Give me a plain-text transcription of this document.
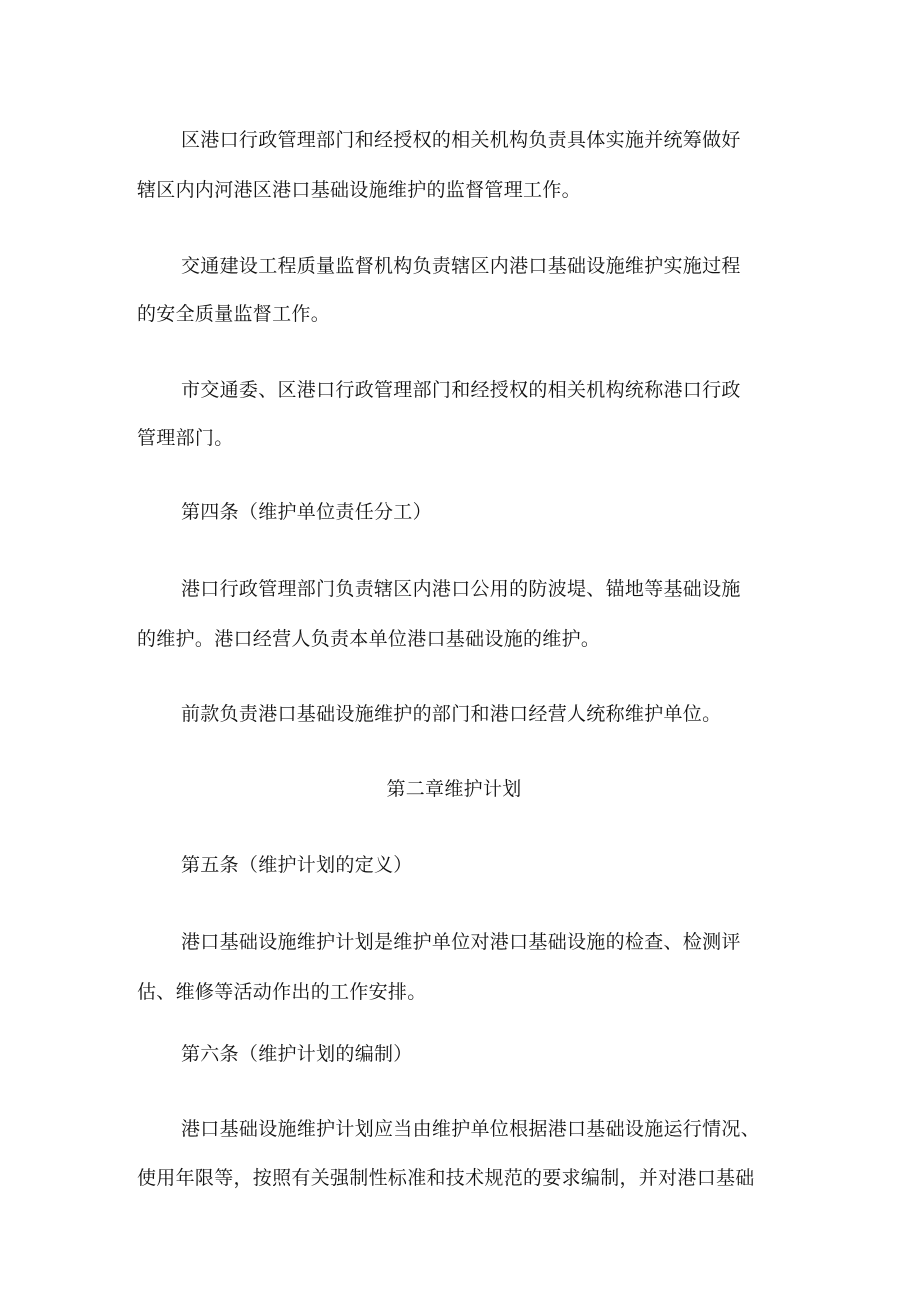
区港口行政管理部门和经授权的相关机构负责具体实施并统筹做好
辖区内内河港区港口基础设施维护的监督管理工作。
交通建设工程质量监督机构负责辖区内港口基础设施维护实施过程
的安全质量监督工作。
市交通委、区港口行政管理部门和经授权的相关机构统称港口行政
管理部门。
第四条（维护单位责任分工）
港口行政管理部门负责辖区内港口公用的防波堤、锚地等基础设施
的维护。港口经营人负责本单位港口基础设施的维护。
前款负责港口基础设施维护的部门和港口经营人统称维护单位。
第二章维护计划
第五条（维护计划的定义）
港口基础设施维护计划是维护单位对港口基础设施的检查、检测评
估、维修等活动作出的工作安排。
第六条（维护计划的编制）
港口基础设施维护计划应当由维护单位根据港口基础设施运行情况、
使用年限等，按照有关强制性标准和技术规范的要求编制，并对港口基础
